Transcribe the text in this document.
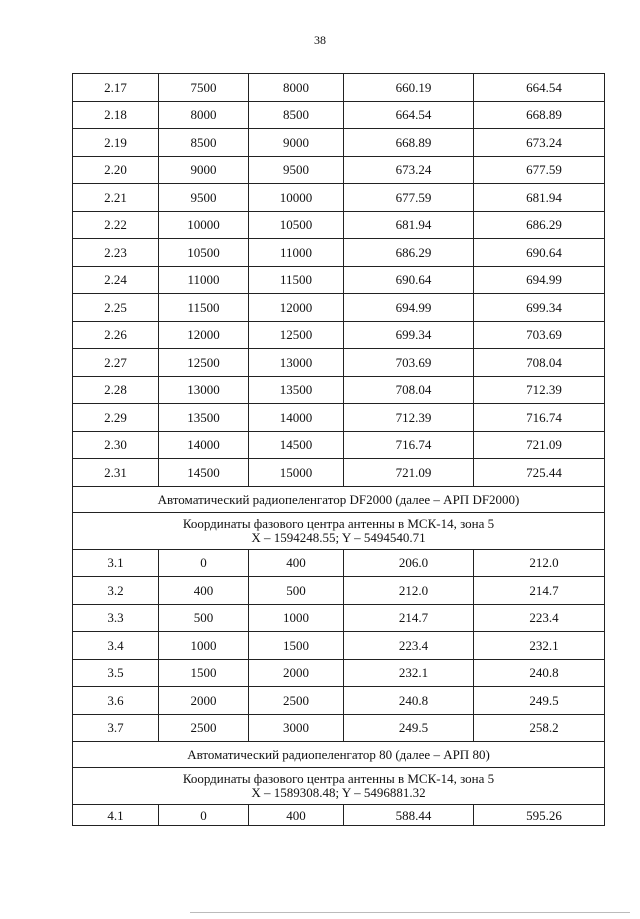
38
2.17	7500	8000	660.19	664.54
2.18	8000	8500	664.54	668.89
2.19	8500	9000	668.89	673.24
2.20	9000	9500	673.24	677.59
2.21	9500	10000	677.59	681.94
2.22	10000	10500	681.94	686.29
2.23	10500	11000	686.29	690.64
2.24	11000	11500	690.64	694.99
2.25	11500	12000	694.99	699.34
2.26	12000	12500	699.34	703.69
2.27	12500	13000	703.69	708.04
2.28	13000	13500	708.04	712.39
2.29	13500	14000	712.39	716.74
2.30	14000	14500	716.74	721.09
2.31	14500	15000	721.09	725.44
Автоматический радиопеленгатор DF2000 (далее – АРП DF2000)				

Координаты фазового центра антенны в МСК-14, зона 5
X – 1594248.55; Y – 5494540.71				

3.1	0	400	206.0	212.0
3.2	400	500	212.0	214.7
3.3	500	1000	214.7	223.4
3.4	1000	1500	223.4	232.1
3.5	1500	2000	232.1	240.8
3.6	2000	2500	240.8	249.5
3.7	2500	3000	249.5	258.2
Автоматический радиопеленгатор 80 (далее – АРП 80)				

Координаты фазового центра антенны в МСК-14, зона 5
X – 1589308.48; Y – 5496881.32				

4.1	0	400	588.44	595.26
